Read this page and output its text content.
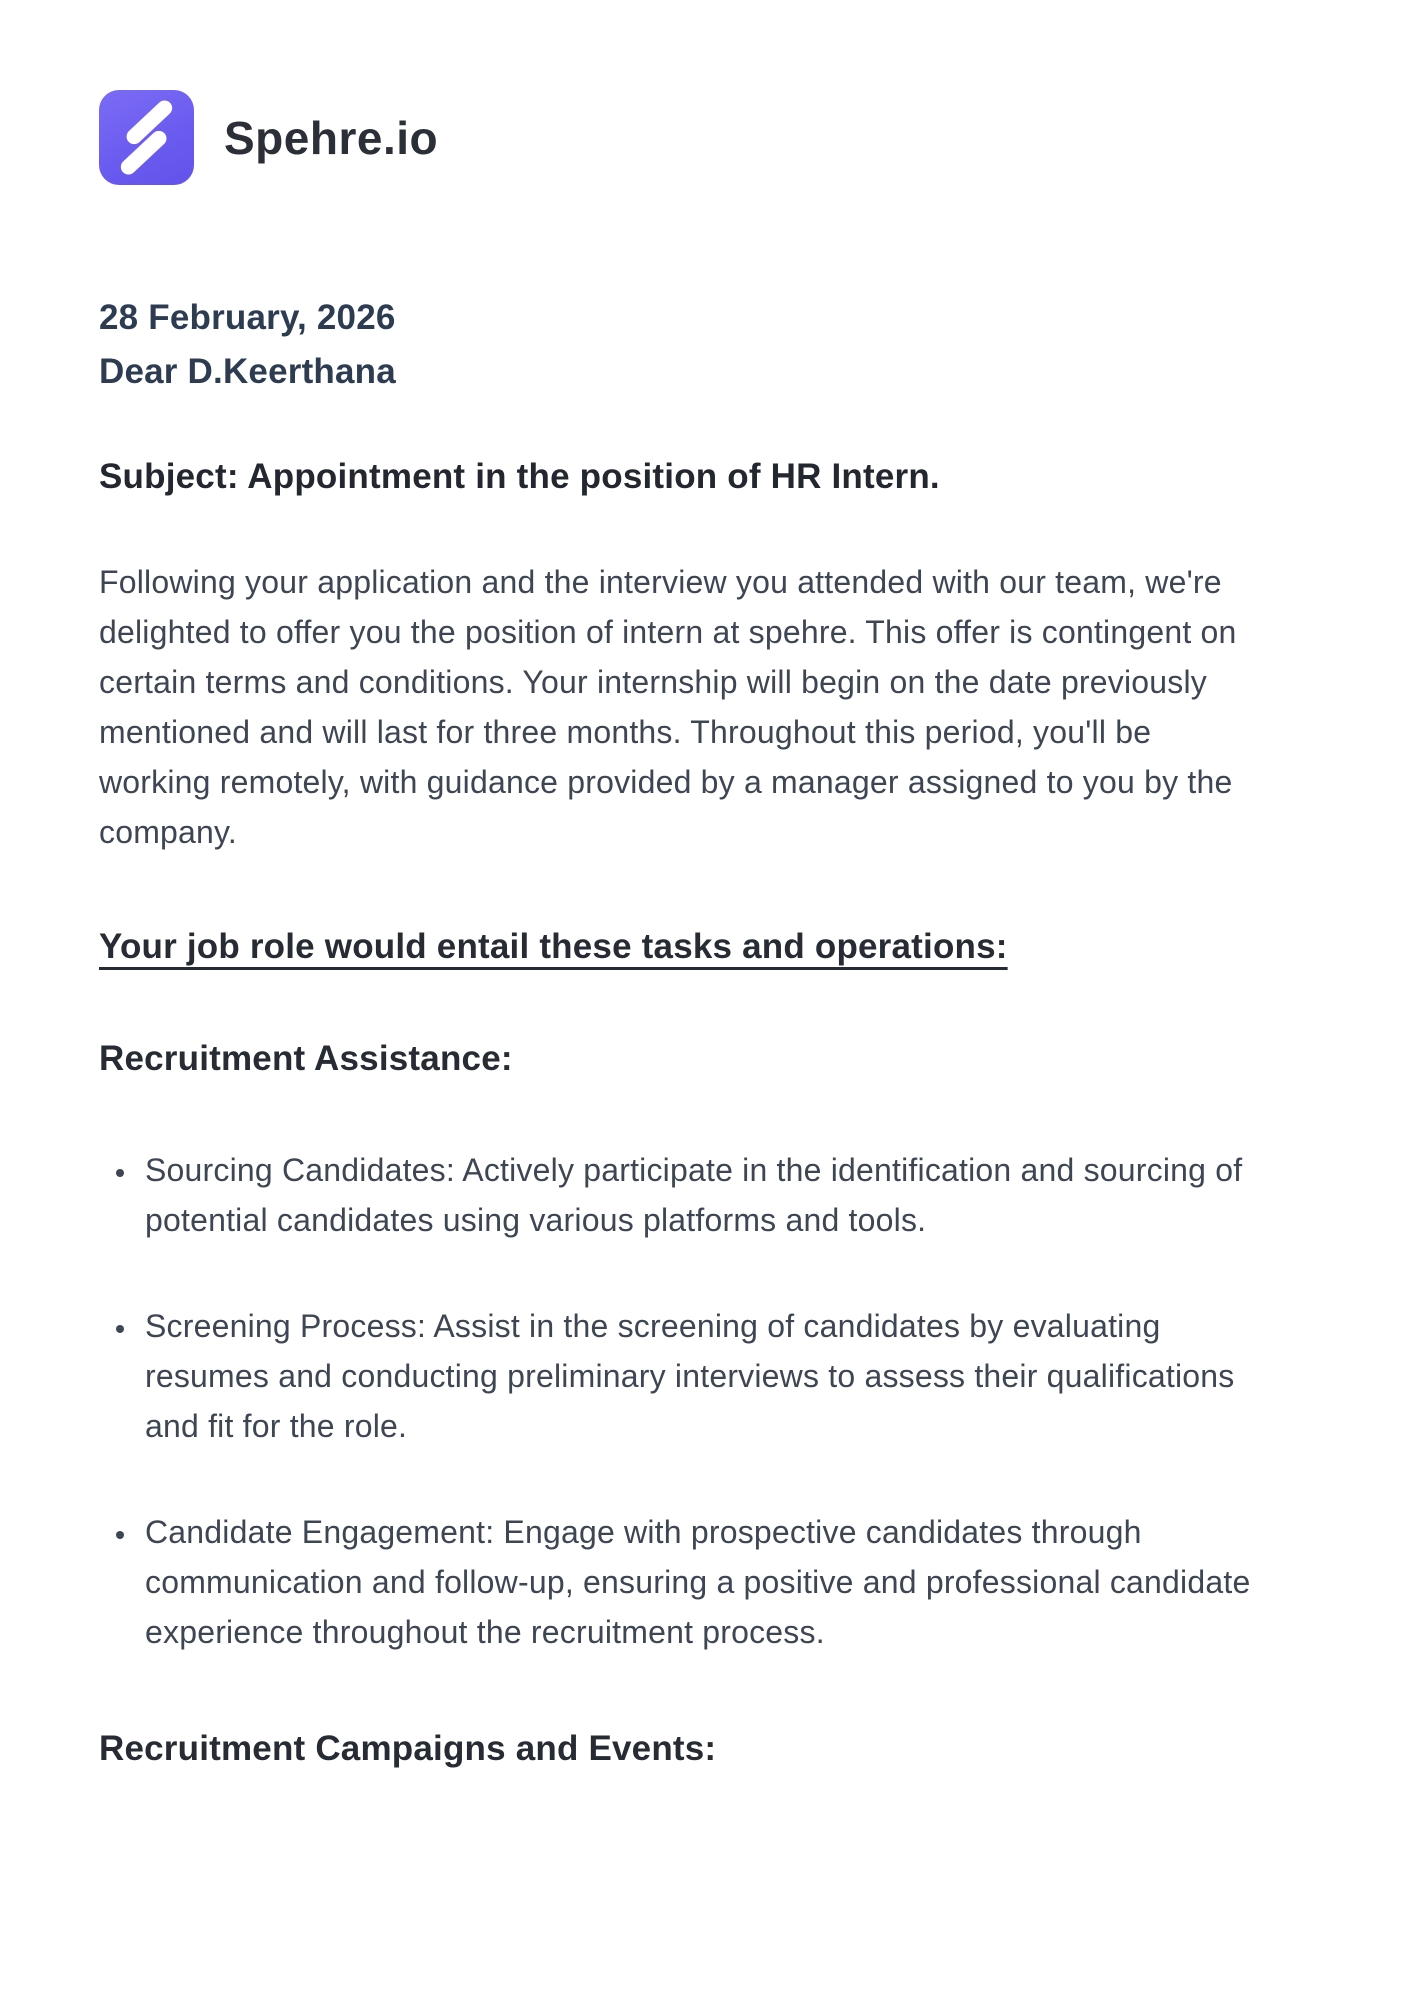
Spehre.io
28 February, 2026
Dear D.Keerthana
Subject: Appointment in the position of HR Intern.

Following your application and the interview you attended with our team, we're delighted to offer you the position of intern at spehre. This offer is contingent on certain terms and conditions. Your internship will begin on the date previously mentioned and will last for three months. Throughout this period, you'll be working remotely, with guidance provided by a manager assigned to you by the company.

Your job role would entail these tasks and operations:
Recruitment Assistance:
• Sourcing Candidates: Actively participate in the identification and sourcing of potential candidates using various platforms and tools.
• Screening Process: Assist in the screening of candidates by evaluating resumes and conducting preliminary interviews to assess their qualifications and fit for the role.
• Candidate Engagement: Engage with prospective candidates through communication and follow-up, ensuring a positive and professional candidate experience throughout the recruitment process.
Recruitment Campaigns and Events:
